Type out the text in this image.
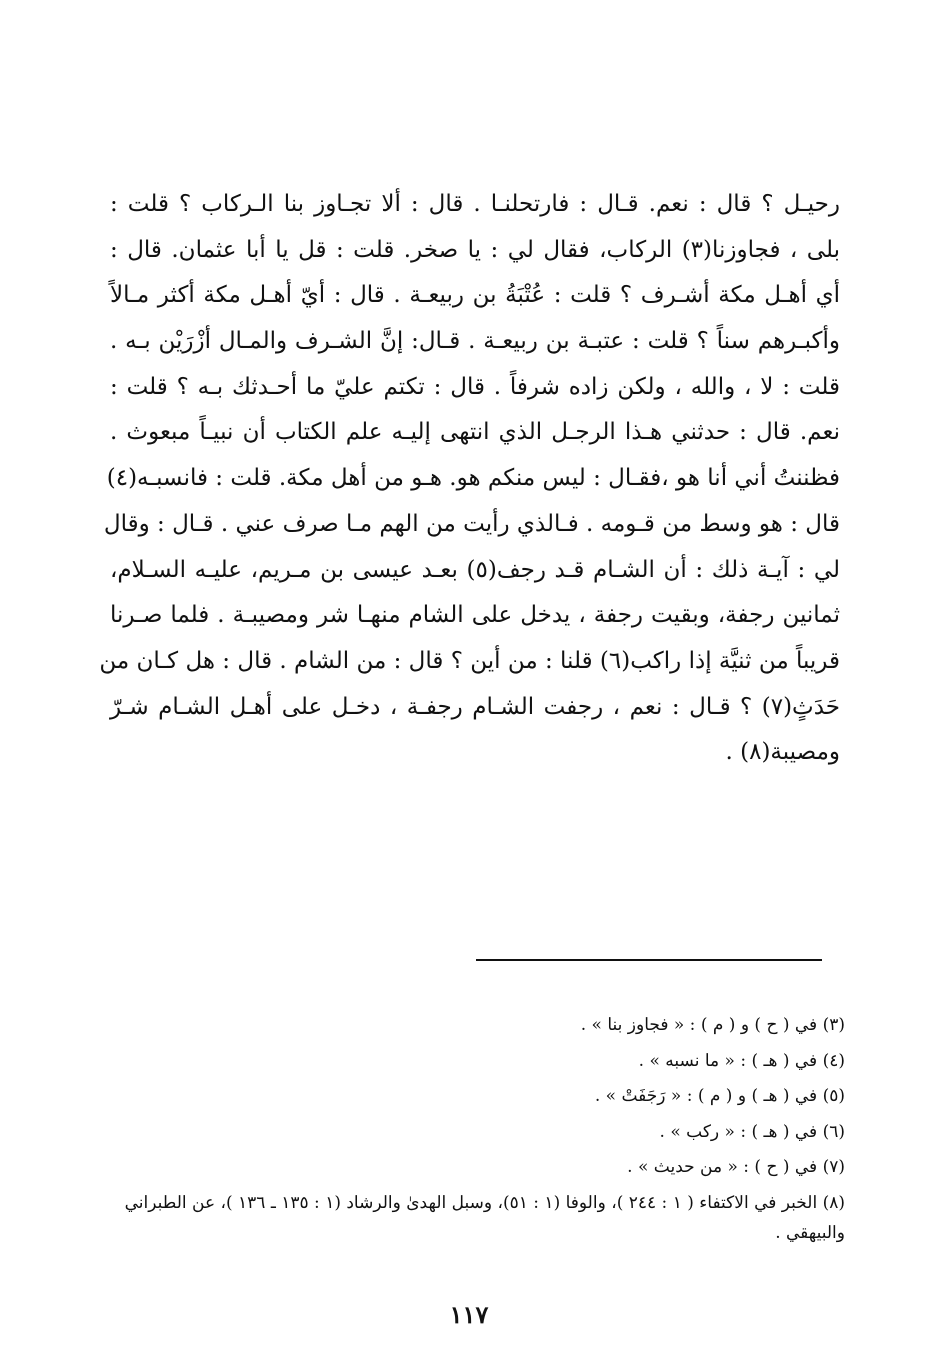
رحيـل ؟ قال : نعم. قـال : فارتحلنـا . قال : ألا تجـاوز بنا الـركاب ؟ قلت :
بلى ، فجاوزنا(٣) الركاب، فقال لي : يا صخر. قلت : قل يا أبا عثمان. قال :
أي أهـل مكة أشـرف ؟ قلت : عُتْبَةُ بن ربيعـة . قال : أيّ أهـل مكة أكثر مـالاً
وأكبـرهم سناً ؟ قلت : عتبـة بن ربيعـة . قـال: إنَّ الشـرف والمـال أزْرَيْن بـه .
قلت : لا ، والله ، ولكن زاده شرفاً . قال : تكتم عليّ ما أحـدثك بـه ؟ قلت :
نعم. قال : حدثني هـذا الرجـل الذي انتهى إليـه علم الكتاب أن نبيـاً مبعوث .
فظننتُ أني أنا هو ،فقـال : ليس منكم هو. هـو من أهل مكة. قلت : فانسبـه(٤)
قال : هو وسط من قـومه . فـالذي رأيت من الهم مـا صرف عني . قـال : وقال
لي : آيـة ذلك : أن الشـام قـد رجف(٥) بعـد عيسى بن مـريم، عليـه السـلام،
ثمانين رجفة، وبقيت رجفة ، يدخل على الشام منهـا شر ومصيبـة . فلما صـرنا
قريباً من ثنيَّة إذا راكب(٦) قلنا : من أين ؟ قال : من الشام . قال : هل كـان من
حَدَثٍ(٧) ؟ قـال : نعم ، رجفت الشـام رجفـة ، دخـل على أهـل الشـام شـرّ
ومصيبة(٨) .
(٣) في ( ح ) و ( م ) : « فجاوز بنا » .
(٤) في ( هـ ) : « ما نسبه » .
(٥) في ( هـ ) و ( م ) : « رَجَفَتْ » .
(٦) في ( هـ ) : « ركب » .
(٧) في ( ح ) : « من حديث » .
(٨) الخبر في الاكتفاء ( ١ : ٢٤٤ )، والوفا (١ : ٥١)، وسبل الهدىٰ والرشاد (١ : ١٣٥ ـ ١٣٦ )، عن الطبراني والبيهقي .
١١٧
